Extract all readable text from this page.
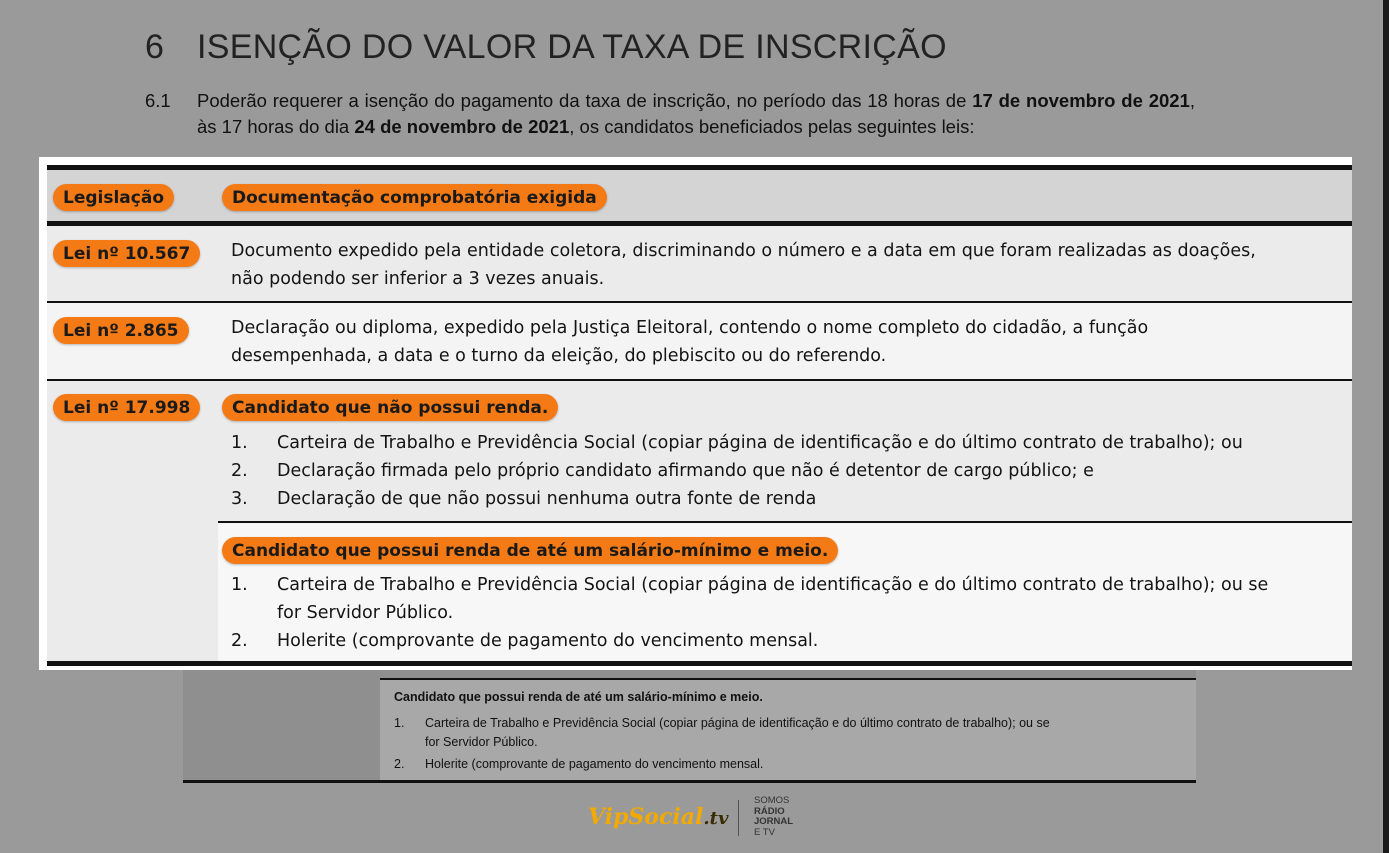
6 ISENÇÃO DO VALOR DA TAXA DE INSCRIÇÃO
6.1 Poderão requerer a isenção do pagamento da taxa de inscrição, no período das 18 horas de 17 de novembro de 2021, às 17 horas do dia 24 de novembro de 2021, os candidatos beneficiados pelas seguintes leis:
Legislação	Documentação comprobatória exigida
Lei nº 10.567	Documento expedido pela entidade coletora, discriminando o número e a data em que foram realizadas as doações,
não podendo ser inferior a 3 vezes anuais.
Lei nº 2.865	Declaração ou diploma, expedido pela Justiça Eleitoral, contendo o nome completo do cidadão, a função
desempenhada, a data e o turno da eleição, do plebiscito ou do referendo.
Lei nº 17.998	Candidato que não possui renda.
1. Carteira de Trabalho e Previdência Social (copiar página de identificação e do último contrato de trabalho); ou
2. Declaração firmada pelo próprio candidato afirmando que não é detentor de cargo público; e
3. Declaração de que não possui nenhuma outra fonte de renda
Candidato que possui renda de até um salário-mínimo e meio.
1. Carteira de Trabalho e Previdência Social (copiar página de identificação e do último contrato de trabalho); ou se
for Servidor Público.
2. Holerite (comprovante de pagamento do vencimento mensal.
Candidato que possui renda de até um salário-mínimo e meio.
1. Carteira de Trabalho e Previdência Social (copiar página de identificação e do último contrato de trabalho); ou se
for Servidor Público.
2. Holerite (comprovante de pagamento do vencimento mensal.
VipSocial.tv
SOMOS
RÁDIO
JORNAL
E TV
